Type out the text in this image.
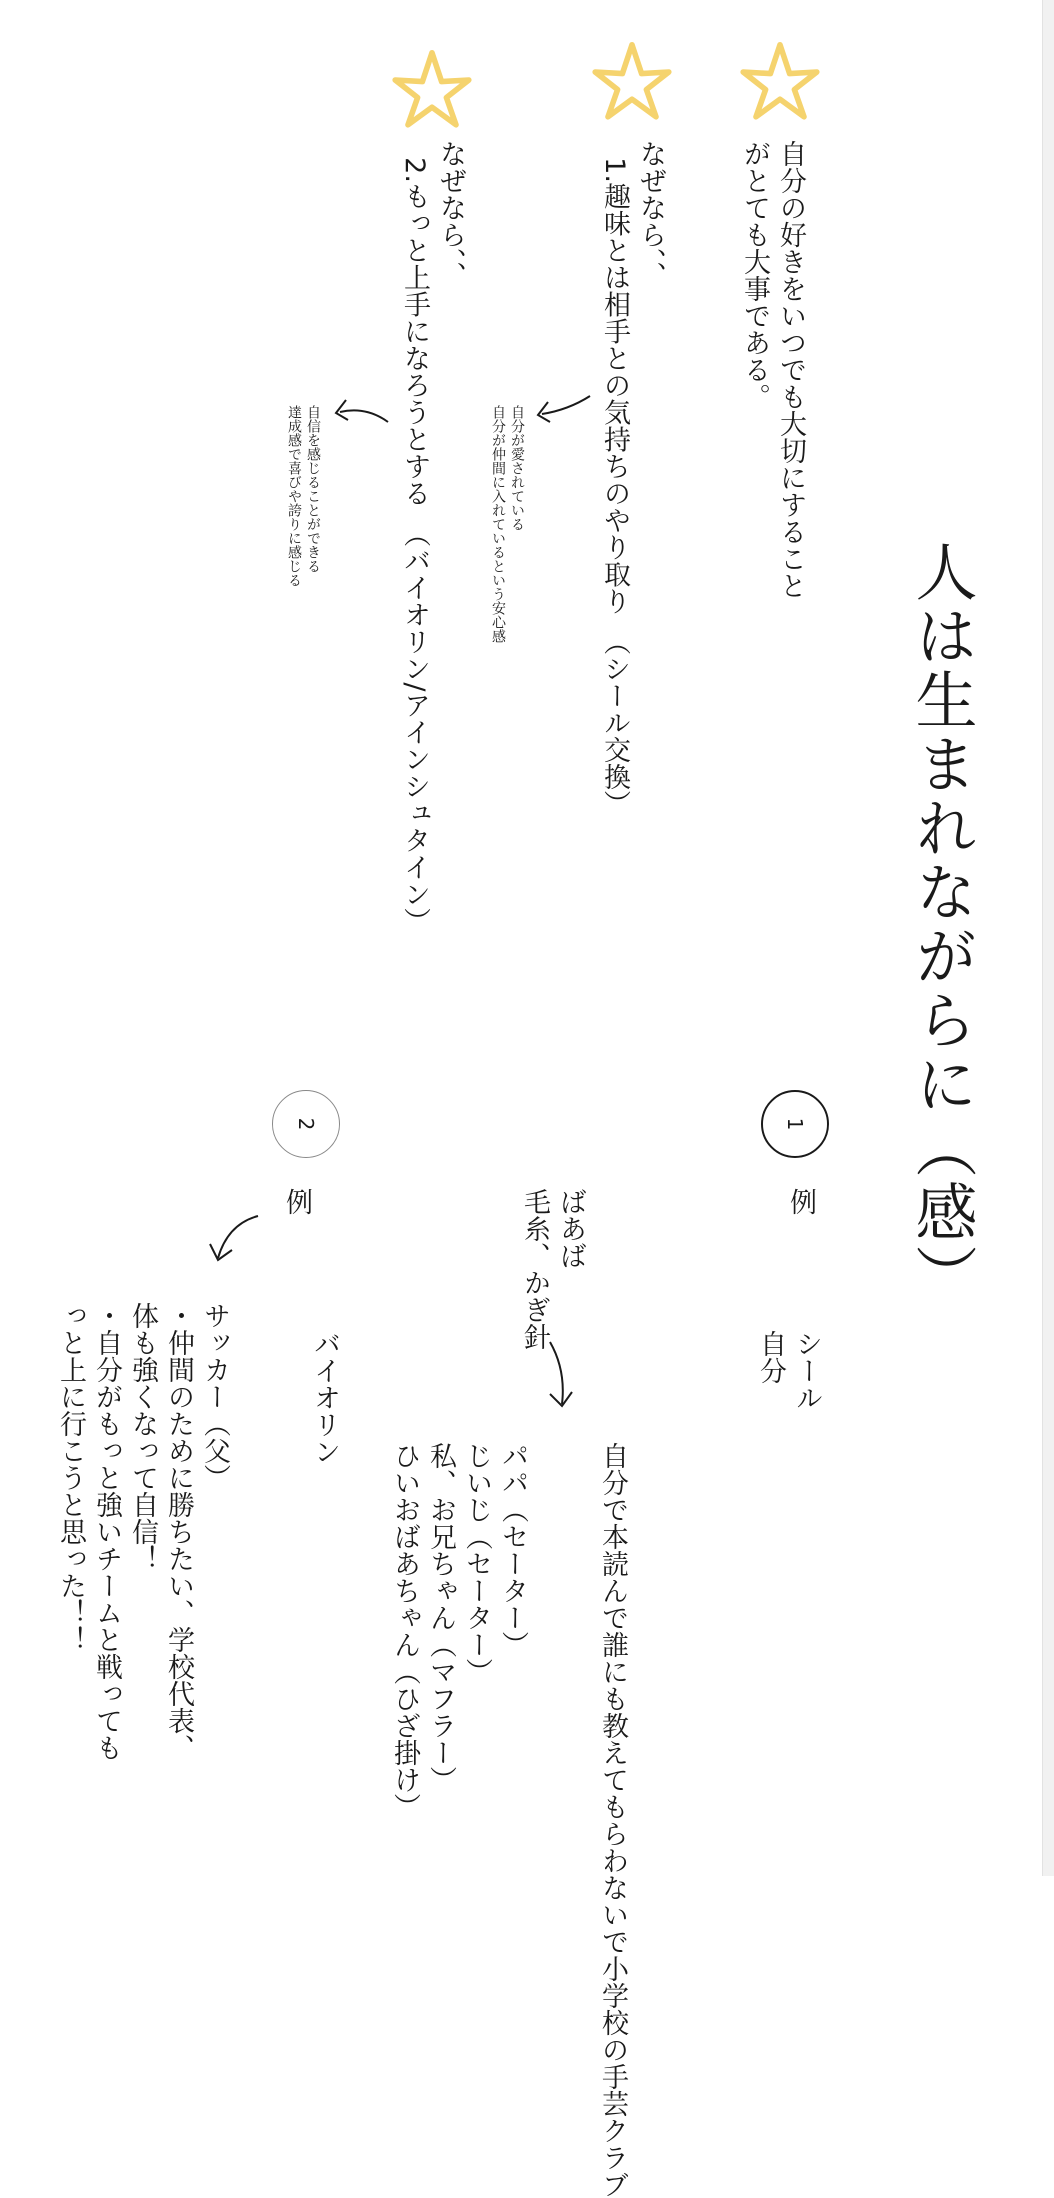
人は生まれながらに（感）
自分の好きをいつでも大切にすること
がとても大事である。
なぜなら、、
1.趣味とは相手との気持ちのやり取り　（シール交換）
自分が愛されている
自分が仲間に入れているという安心感
なぜなら、、
2.もっと上手になろうとする　（バイオリン/アインシュタイン）
自信を感じることができる
達成感で喜びや誇りに感じる
1
例
シール
自分
ばあば
毛糸、かぎ針
自分で本読んで誰にも教えてもらわないで小学校の手芸クラブ
パパ（セーター）
じいじ（セーター）
私、お兄ちゃん（マフラー）
ひいおばあちゃん（ひざ掛け）
2
例
バイオリン
サッカー（父）
・仲間のために勝ちたい、学校代表、
体も強くなって自信！
・自分がもっと強いチームと戦っても
っと上に行こうと思った！！
